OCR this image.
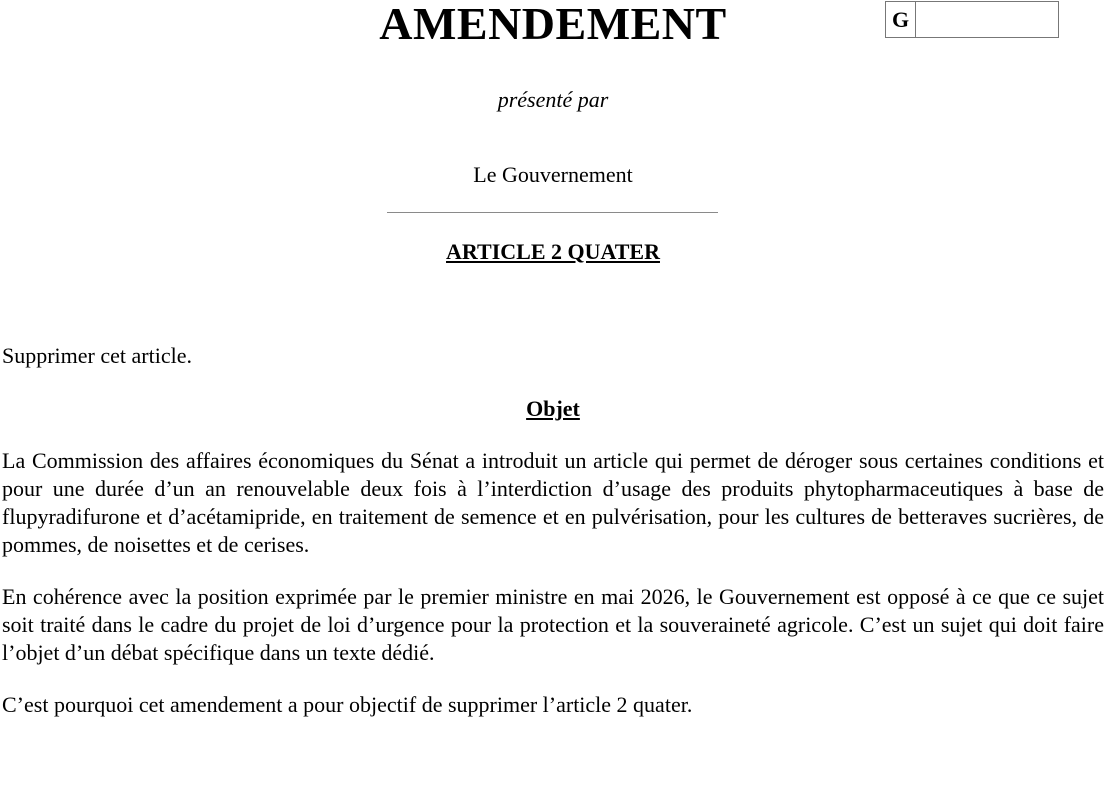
AMENDEMENT	G
présenté par
Le Gouvernement
ARTICLE 2 QUATER
Supprimer cet article.
Objet
La Commission des affaires économiques du Sénat a introduit un article qui permet de déroger sous certaines conditions et pour une durée d’un an renouvelable deux fois à l’interdiction d’usage des produits phytopharmaceutiques à base de flupyradifurone et d’acétamipride, en traitement de semence et en pulvérisation, pour les cultures de betteraves sucrières, de pommes, de noisettes et de cerises.
En cohérence avec la position exprimée par le premier ministre en mai 2026, le Gouvernement est opposé à ce que ce sujet soit traité dans le cadre du projet de loi d’urgence pour la protection et la souveraineté agricole. C’est un sujet qui doit faire l’objet d’un débat spécifique dans un texte dédié.
C’est pourquoi cet amendement a pour objectif de supprimer l’article 2 quater.
